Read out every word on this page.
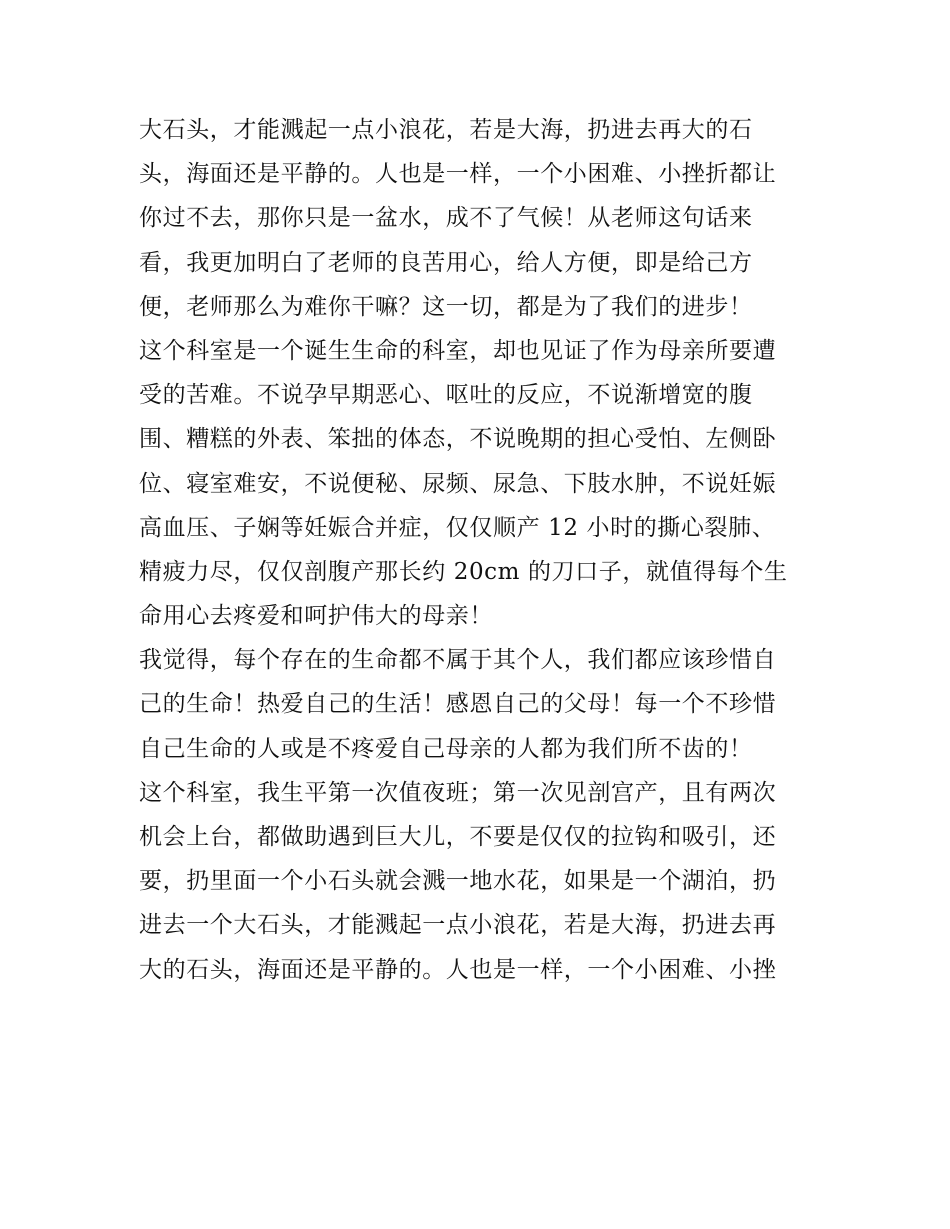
大石头，才能溅起一点小浪花，若是大海，扔进去再大的石
头，海面还是平静的。人也是一样，一个小困难、小挫折都让
你过不去，那你只是一盆水，成不了气候！从老师这句话来
看，我更加明白了老师的良苦用心，给人方便，即是给己方
便，老师那么为难你干嘛？这一切，都是为了我们的进步！
这个科室是一个诞生生命的科室，却也见证了作为母亲所要遭
受的苦难。不说孕早期恶心、呕吐的反应，不说渐增宽的腹
围、糟糕的外表、笨拙的体态，不说晚期的担心受怕、左侧卧
位、寝室难安，不说便秘、尿频、尿急、下肢水肿，不说妊娠
高血压、子娴等妊娠合并症，仅仅顺产 12 小时的撕心裂肺、
精疲力尽，仅仅剖腹产那长约 20cm 的刀口子，就值得每个生
命用心去疼爱和呵护伟大的母亲！
我觉得，每个存在的生命都不属于其个人，我们都应该珍惜自
己的生命！热爱自己的生活！感恩自己的父母！每一个不珍惜
自己生命的人或是不疼爱自己母亲的人都为我们所不齿的！
这个科室，我生平第一次值夜班；第一次见剖宫产，且有两次
机会上台，都做助遇到巨大儿，不要是仅仅的拉钩和吸引，还
要，扔里面一个小石头就会溅一地水花，如果是一个湖泊，扔
进去一个大石头，才能溅起一点小浪花，若是大海，扔进去再
大的石头，海面还是平静的。人也是一样，一个小困难、小挫
